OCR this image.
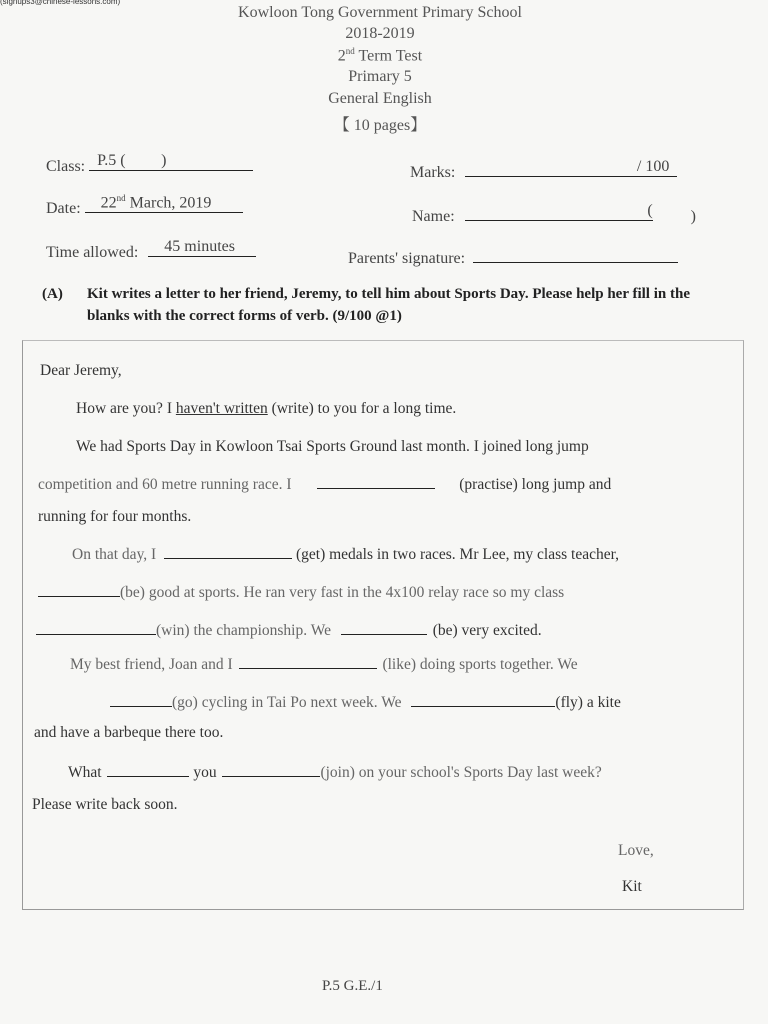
(signups3@chinese-lessons.com)
Kowloon Tong Government Primary School
2018-2019
2nd Term Test
Primary 5
General English
【 10 pages】
Class: P.5 ( )
Marks:	/ 100
Date: 22nd March, 2019
Name:	( )
Time allowed: 45 minutes
Parents' signature:
(A) Kit writes a letter to her friend, Jeremy, to tell him about Sports Day. Please help her fill in the blanks with the correct forms of verb. (9/100 @1)
Dear Jeremy,
How are you? I haven't written (write) to you for a long time.
We had Sports Day in Kowloon Tsai Sports Ground last month. I joined long jump
competition and 60 metre running race. I	(practise) long jump and
running for four months.
On that day, I	(get) medals in two races. Mr Lee, my class teacher,
(be) good at sports. He ran very fast in the 4x100 relay race so my class
(win) the championship. We	(be) very excited.
My best friend, Joan and I	(like) doing sports together. We
(go) cycling in Tai Po next week. We	(fly) a kite
and have a barbeque there too.
What	you	(join) on your school's Sports Day last week?
Please write back soon.
Love,
Kit
P.5 G.E./1
